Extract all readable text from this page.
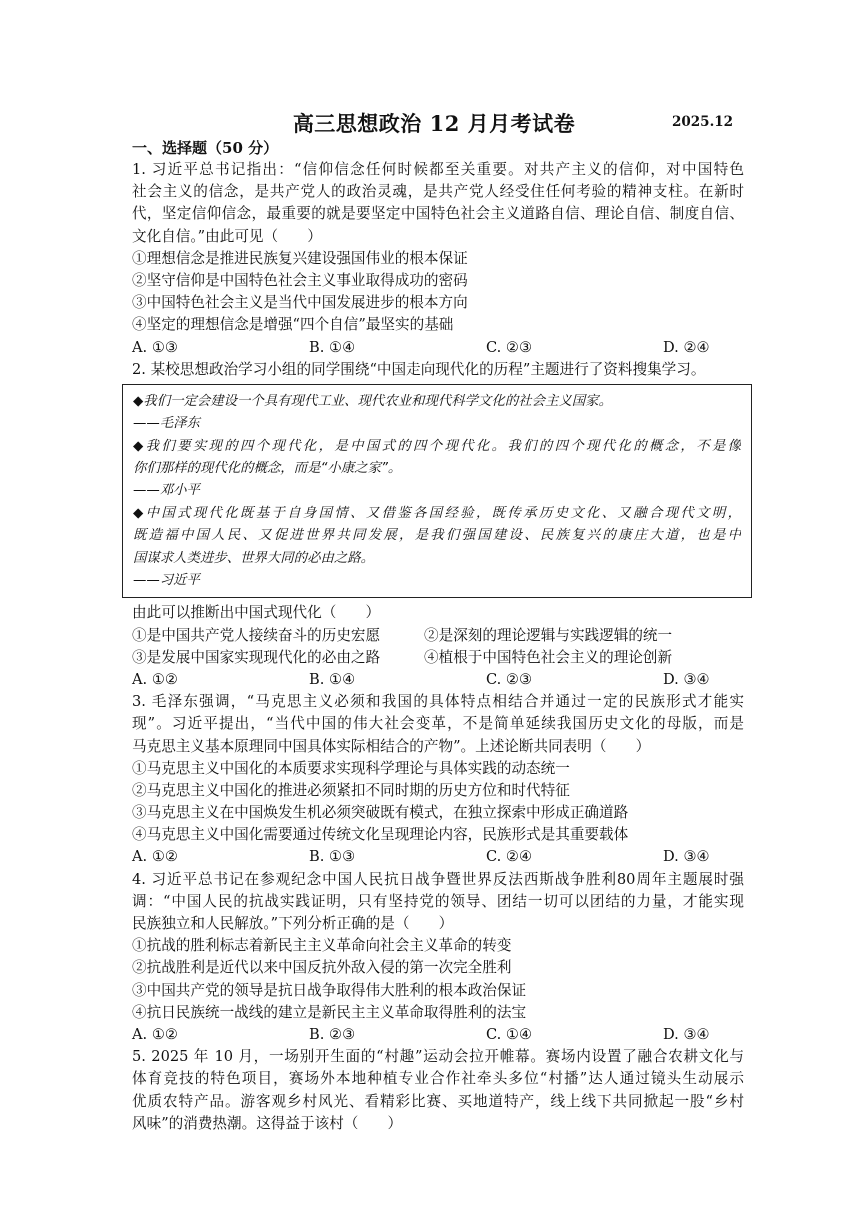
高三思想政治 12 月月考试卷	2025.12
一、选择题（50 分）
1. 习近平总书记指出：“信仰信念任何时候都至关重要。对共产主义的信仰，对中国特色
社会主义的信念，是共产党人的政治灵魂，是共产党人经受住任何考验的精神支柱。在新时
代，坚定信仰信念，最重要的就是要坚定中国特色社会主义道路自信、理论自信、制度自信、
文化自信。”由此可见（　　）
①理想信念是推进民族复兴建设强国伟业的根本保证
②坚守信仰是中国特色社会主义事业取得成功的密码
③中国特色社会主义是当代中国发展进步的根本方向
④坚定的理想信念是增强“四个自信”最坚实的基础
A. ①③	B. ①④	C. ②③	D. ②④
2. 某校思想政治学习小组的同学围绕“中国走向现代化的历程”主题进行了资料搜集学习。
◆我们一定会建设一个具有现代工业、现代农业和现代科学文化的社会主义国家。
——毛泽东
◆我们要实现的四个现代化，是中国式的四个现代化。我们的四个现代化的概念，不是像
你们那样的现代化的概念，而是“小康之家”。
——邓小平
◆中国式现代化既基于自身国情、又借鉴各国经验，既传承历史文化、又融合现代文明，
既造福中国人民、又促进世界共同发展，是我们强国建设、民族复兴的康庄大道，也是中
国谋求人类进步、世界大同的必由之路。
——习近平
由此可以推断出中国式现代化（　　）
①是中国共产党人接续奋斗的历史宏愿	②是深刻的理论逻辑与实践逻辑的统一
③是发展中国家实现现代化的必由之路	④植根于中国特色社会主义的理论创新
A. ①②	B. ①④	C. ②③	D. ③④
3. 毛泽东强调，“马克思主义必须和我国的具体特点相结合并通过一定的民族形式才能实
现”。习近平提出，“当代中国的伟大社会变革，不是简单延续我国历史文化的母版，而是
马克思主义基本原理同中国具体实际相结合的产物”。上述论断共同表明（　　）
①马克思主义中国化的本质要求实现科学理论与具体实践的动态统一
②马克思主义中国化的推进必须紧扣不同时期的历史方位和时代特征
③马克思主义在中国焕发生机必须突破既有模式，在独立探索中形成正确道路
④马克思主义中国化需要通过传统文化呈现理论内容，民族形式是其重要载体
A. ①②	B. ①③	C. ②④	D. ③④
4. 习近平总书记在参观纪念中国人民抗日战争暨世界反法西斯战争胜利80周年主题展时强
调：“中国人民的抗战实践证明，只有坚持党的领导、团结一切可以团结的力量，才能实现
民族独立和人民解放。”下列分析正确的是（　　）
①抗战的胜利标志着新民主主义革命向社会主义革命的转变
②抗战胜利是近代以来中国反抗外敌入侵的第一次完全胜利
③中国共产党的领导是抗日战争取得伟大胜利的根本政治保证
④抗日民族统一战线的建立是新民主主义革命取得胜利的法宝
A. ①②	B. ②③	C. ①④	D. ③④
5. 2025 年 10 月，一场别开生面的“村趣”运动会拉开帷幕。赛场内设置了融合农耕文化与
体育竞技的特色项目，赛场外本地种植专业合作社牵头多位“村播”达人通过镜头生动展示
优质农特产品。游客观乡村风光、看精彩比赛、买地道特产，线上线下共同掀起一股“乡村
风味”的消费热潮。这得益于该村（　　）
